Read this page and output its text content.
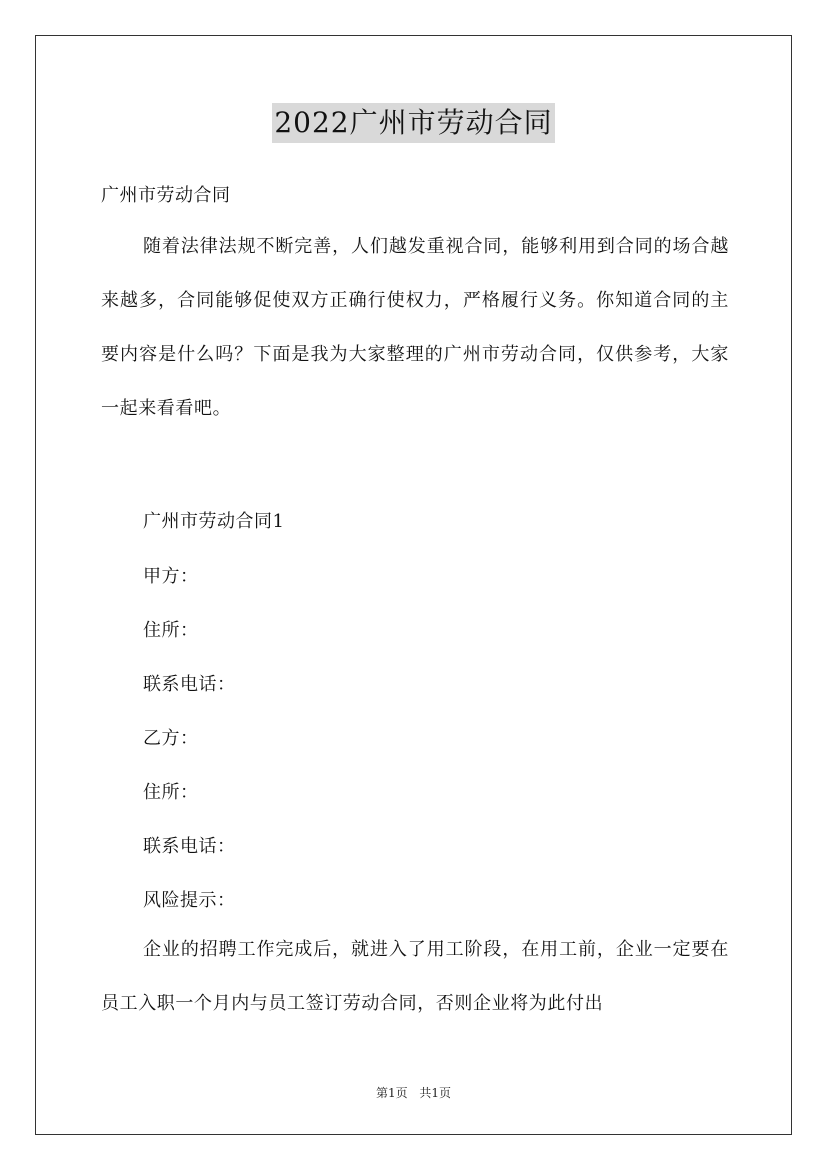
2022广州市劳动合同
广州市劳动合同
随着法律法规不断完善，人们越发重视合同，能够利用到合同的场合越来越多，合同能够促使双方正确行使权力，严格履行义务。你知道合同的主要内容是什么吗？下面是我为大家整理的广州市劳动合同，仅供参考，大家一起来看看吧。
广州市劳动合同1
甲方：
住所：
联系电话：
乙方：
住所：
联系电话：
风险提示：
企业的招聘工作完成后，就进入了用工阶段，在用工前，企业一定要在员工入职一个月内与员工签订劳动合同，否则企业将为此付出
第1页 共1页
